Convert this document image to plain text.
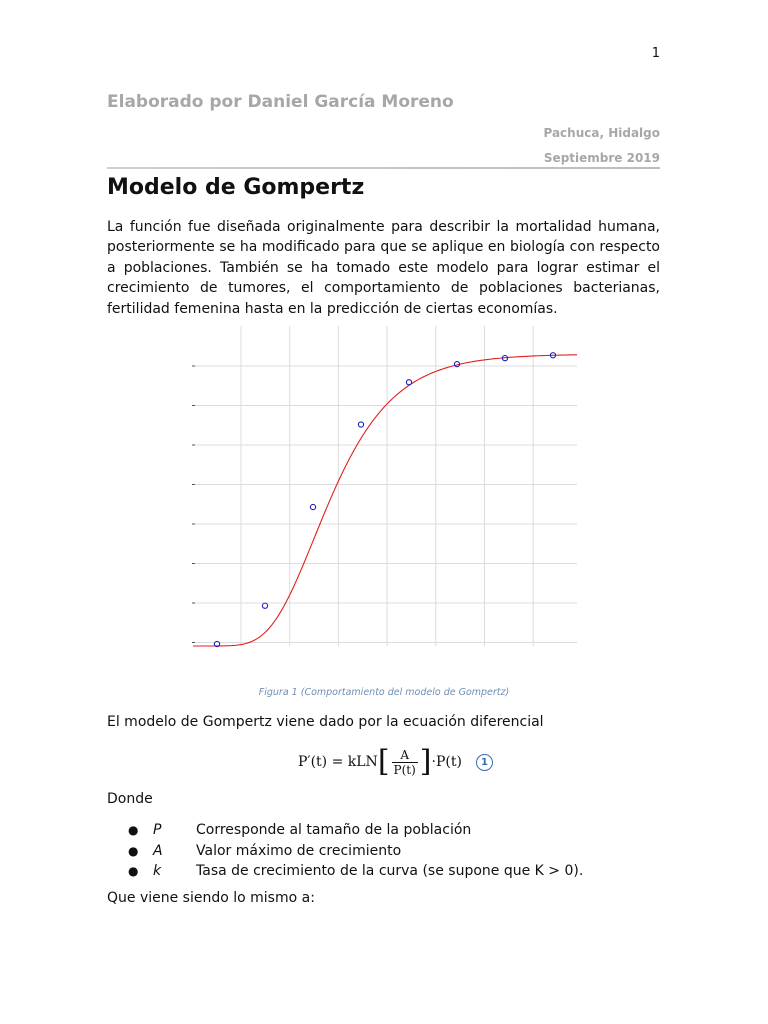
1
Elaborado por Daniel García Moreno
Pachuca, Hidalgo
Septiembre 2019
Modelo de Gompertz
La función fue diseñada originalmente para describir la mortalidad humana, posteriormente se ha modificado para que se aplique en biología con respecto a poblaciones. También se ha tomado este modelo para lograr estimar el crecimiento de tumores, el comportamiento de poblaciones bacterianas, fertilidad femenina hasta en la predicción de ciertas economías.
Figura 1 (Comportamiento del modelo de Gompertz)
El modelo de Gompertz viene dado por la ecuación diferencial
P′(t) = kLN [ $\frac{A}{P(t)}$ ] ·P(t)	1
Donde
●	P	Corresponde al tamaño de la población
●	A	Valor máximo de crecimiento
●	k	Tasa de crecimiento de la curva (se supone que K > 0).
Que viene siendo lo mismo a:
